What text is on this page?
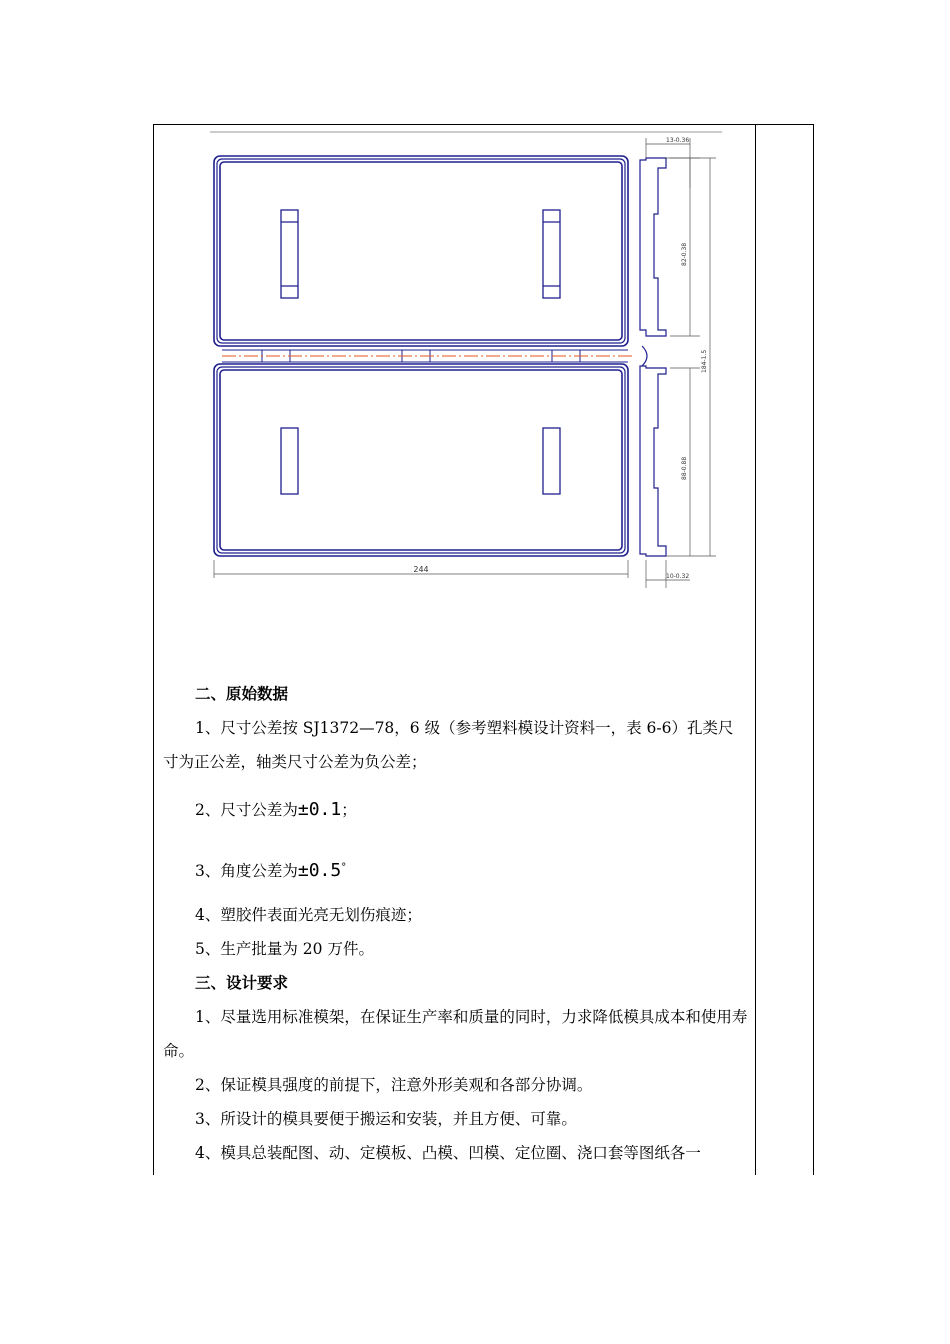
244
13-0.36
82-0.38
184-1.5
88-0.88
10-0.32

二、原始数据

1、尺寸公差按 SJ1372—78，6 级（参考塑料模设计资料一，表 6-6）孔类尺寸为正公差，轴类尺寸公差为负公差；

2、尺寸公差为±0.1；

3、角度公差为±0.5°

4、塑胶件表面光亮无划伤痕迹；

5、生产批量为 20 万件。

三、设计要求

1、尽量选用标准模架，在保证生产率和质量的同时，力求降低模具成本和使用寿命。

2、保证模具强度的前提下，注意外形美观和各部分协调。

3、所设计的模具要便于搬运和安装，并且方便、可靠。

4、模具总装配图、动、定模板、凸模、凹模、定位圈、浇口套等图纸各一
